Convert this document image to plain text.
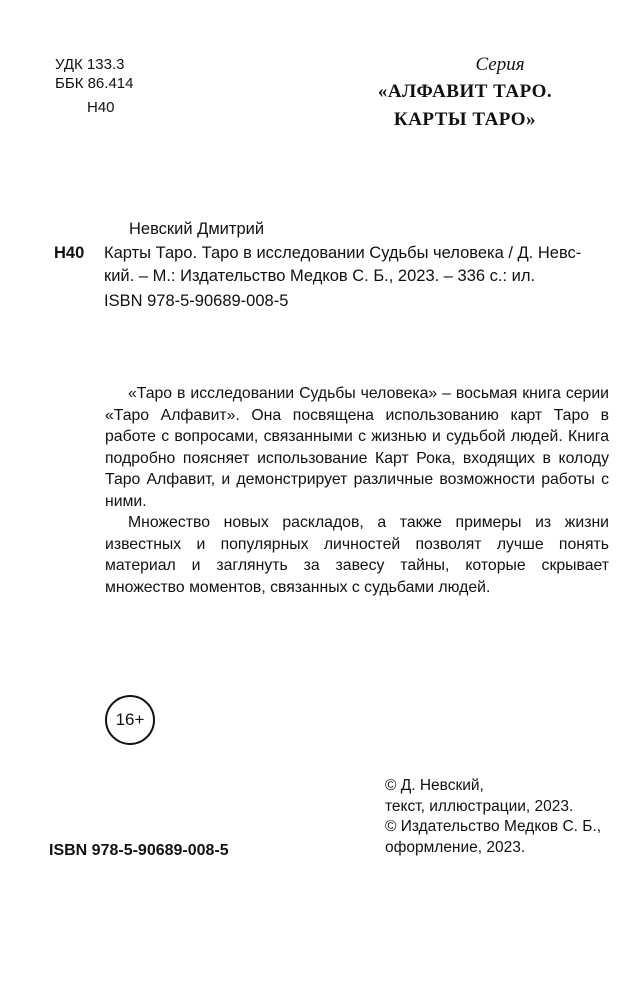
УДК 133.3
ББК 86.414
Н40
Серия
«АЛФАВИТ ТАРО.
КАРТЫ ТАРО»
Невский Дмитрий
Н40 Карты Таро. Таро в исследовании Судьбы человека / Д. Невс-
кий. – М.: Издательство Медков С. Б., 2023. – 336 с.: ил.
ISBN 978-5-90689-008-5

«Таро в исследовании Судьбы человека» – восьмая книга серии «Таро Алфавит». Она посвящена использованию карт Таро в работе с вопросами, связанными с жизнью и судьбой людей. Книга подробно поясняет использование Карт Рока, входящих в колоду Таро Алфавит, и демонстрирует различные возможности работы с ними.

Множество новых раскладов, а также примеры из жизни известных и популярных личностей позволят лучше понять материал и заглянуть за завесу тайны, которые скрывает множество моментов, связанных с судьбами людей.

16+
ISBN 978-5-90689-008-5
© Д. Невский,
текст, иллюстрации, 2023.
© Издательство Медков С. Б.,
оформление, 2023.
